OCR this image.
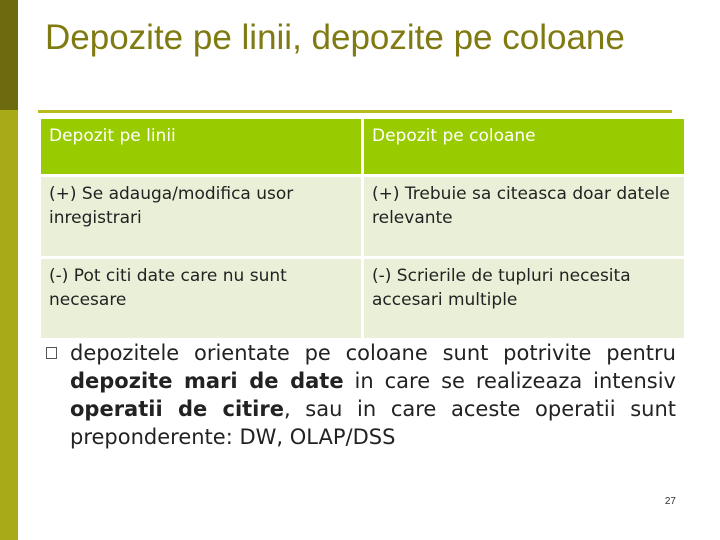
Depozite pe linii, depozite pe coloane
Depozit pe linii	Depozit pe coloane
(+) Se adauga/modifica usor inregistrari	(+) Trebuie sa citeasca doar datele relevante
(-) Pot citi date care nu sunt necesare	(-) Scrierile de tupluri necesita accesari multiple
depozitele orientate pe coloane sunt potrivite pentru depozite mari de date in care se realizeaza intensiv operatii de citire, sau in care aceste operatii sunt preponderente: DW, OLAP/DSS
27
